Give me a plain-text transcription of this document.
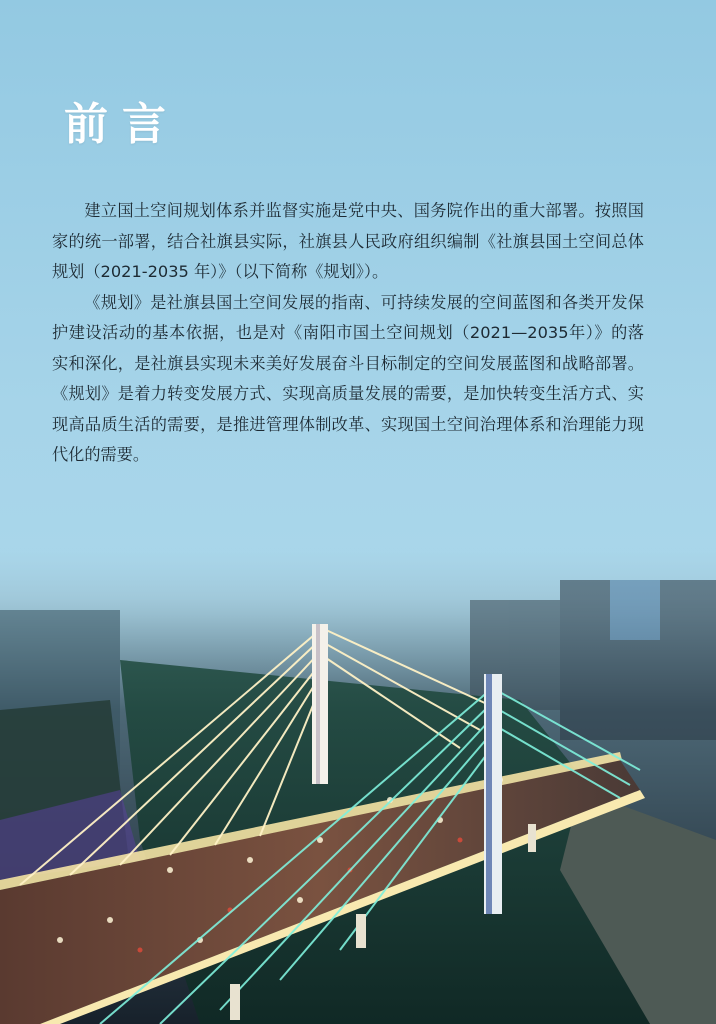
前言

建立国土空间规划体系并监督实施是党中央、国务院作出的重大部署。按照国家的统一部署，结合社旗县实际，社旗县人民政府组织编制《社旗县国土空间总体规划（2021-2035 年）》（以下简称《规划》）。

《规划》是社旗县国土空间发展的指南、可持续发展的空间蓝图和各类开发保护建设活动的基本依据，也是对《南阳市国土空间规划（2021—2035年）》的落实和深化，是社旗县实现未来美好发展奋斗目标制定的空间发展蓝图和战略部署。《规划》是着力转变发展方式、实现高质量发展的需要，是加快转变生活方式、实现高品质生活的需要，是推进管理体制改革、实现国土空间治理体系和治理能力现代化的需要。
